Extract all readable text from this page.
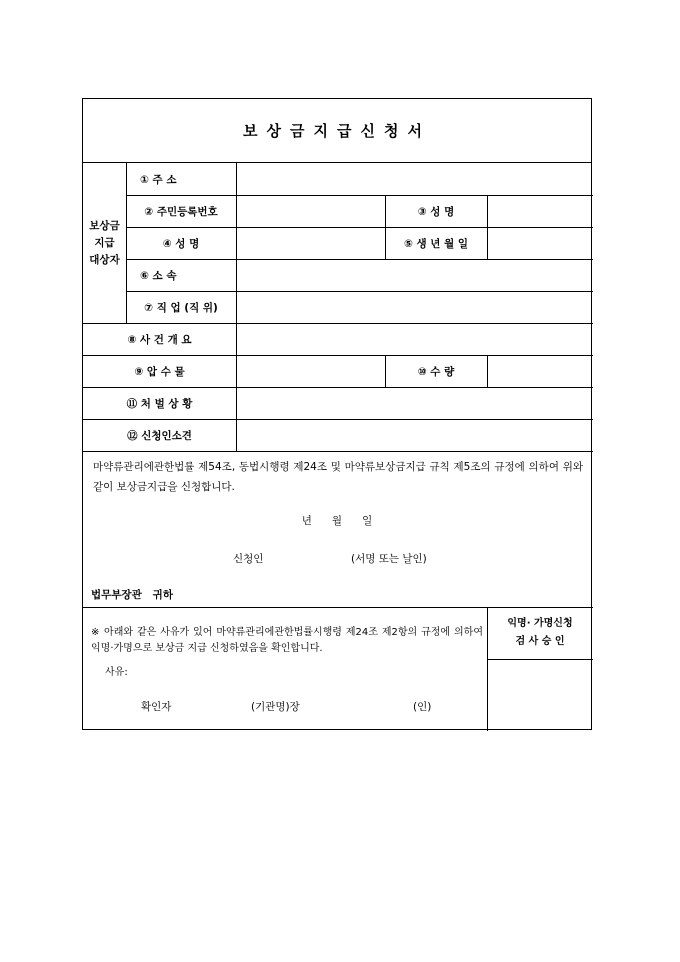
보상금지급신청서
보상금
지급
대상자
① 주 소
② 주민등록번호	③ 성 명
④ 성 명	⑤ 생 년 월 일
⑥ 소 속
⑦ 직 업 (직 위)
⑧ 사 건 개 요
⑨ 압 수 물	⑩ 수 량
⑪ 처 벌 상 황
⑫ 신청인소견
마약류관리에관한법률 제54조, 동법시행령 제24조 및 마약류보상금지급 규칙 제5조의 규정에 의하여 위와 같이 보상금지급을 신청합니다.
년      월      일
신청인	(서명 또는 날인)
법무부장관   귀하
※ 아래와 같은 사유가 있어 마약류관리에관한법률시행령 제24조 제2항의 규정에 의하여 익명·가명으로 보상금 지급 신청하였음을 확인합니다.
사유:
확인자	(기관명)장	(인)
익명· 가명신청
검 사 승 인
